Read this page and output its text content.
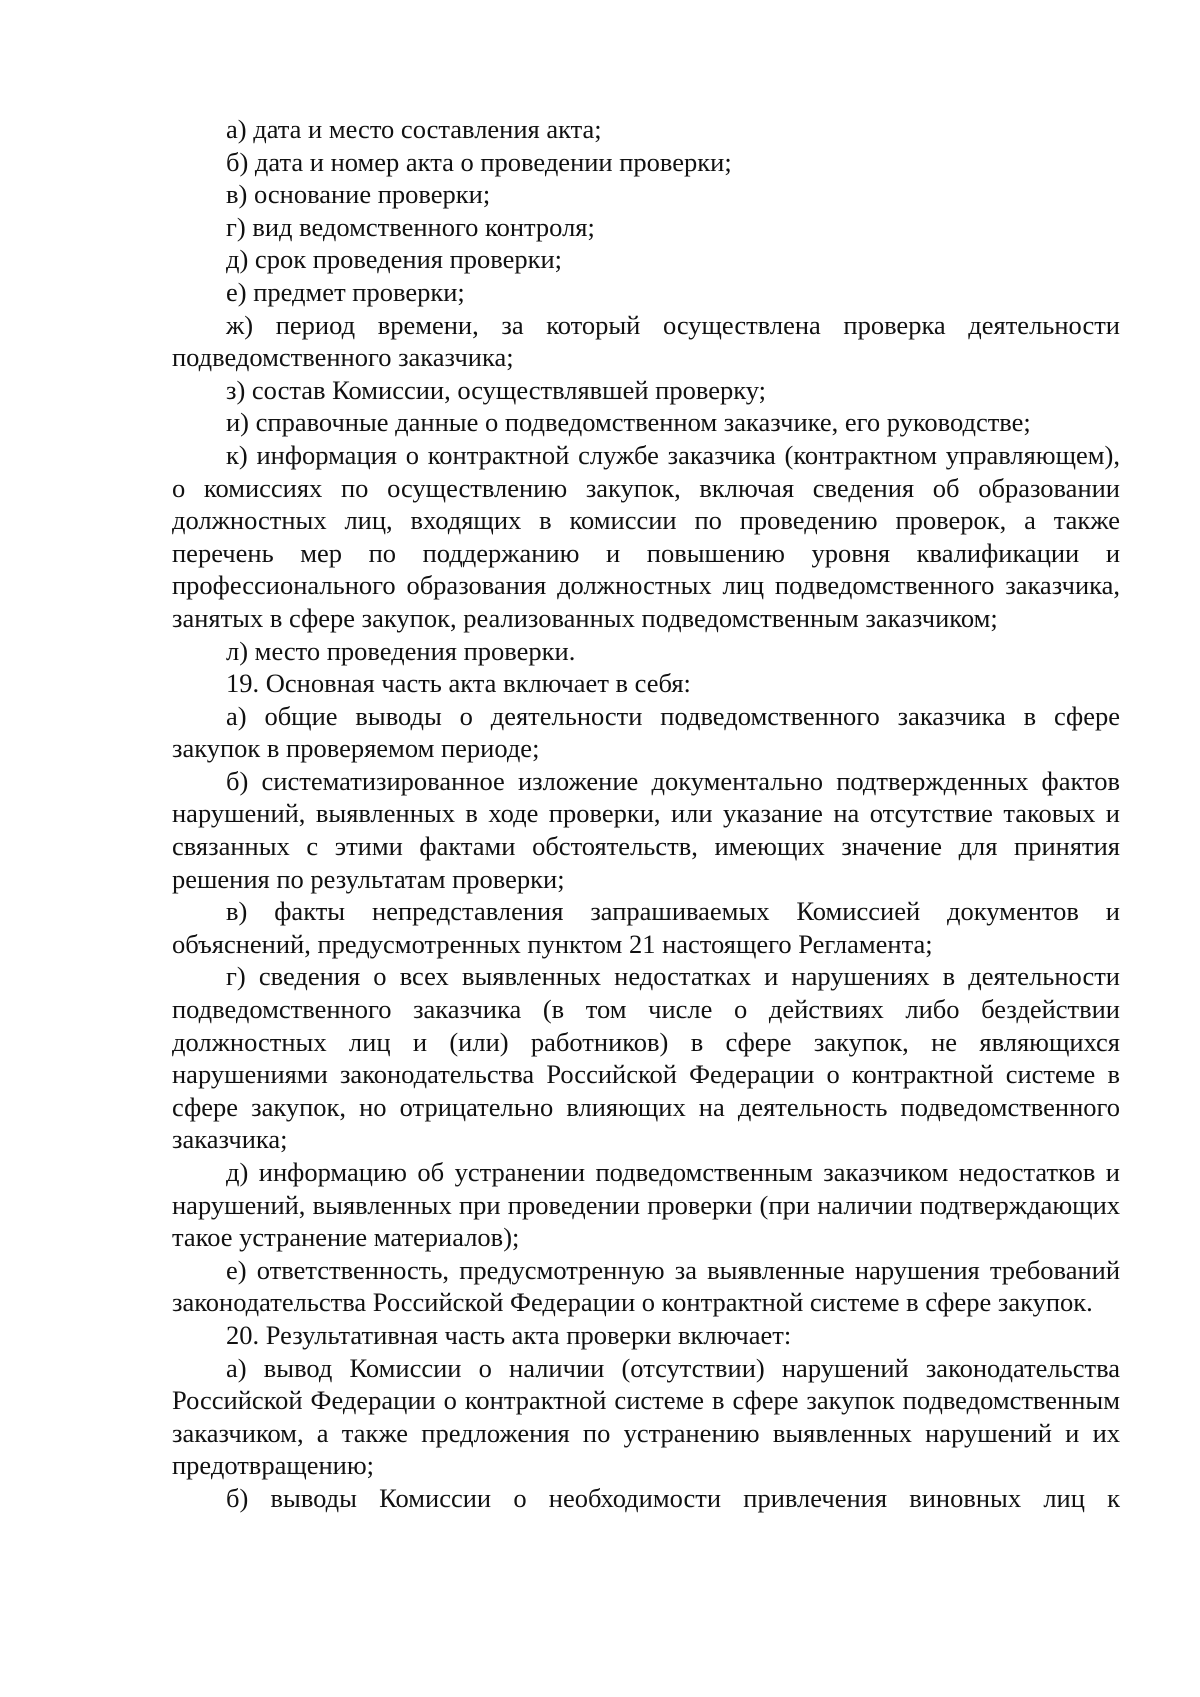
а) дата и место составления акта;

б) дата и номер акта о проведении проверки;

в) основание проверки;

г) вид ведомственного контроля;

д) срок проведения проверки;

е) предмет проверки;

ж) период времени, за который осуществлена проверка деятельности подведомственного заказчика;

з) состав Комиссии, осуществлявшей проверку;

и) справочные данные о подведомственном заказчике, его руководстве;

к) информация о контрактной службе заказчика (контрактном управляющем), о комиссиях по осуществлению закупок, включая сведения об образовании должностных лиц, входящих в комиссии по проведению проверок, а также перечень мер по поддержанию и повышению уровня квалификации и профессионального образования должностных лиц подведомственного заказчика, занятых в сфере закупок, реализованных подведомственным заказчиком;

л) место проведения проверки.

19. Основная часть акта включает в себя:

а) общие выводы о деятельности подведомственного заказчика в сфере закупок в проверяемом периоде;

б) систематизированное изложение документально подтвержденных фактов нарушений, выявленных в ходе проверки, или указание на отсутствие таковых и связанных с этими фактами обстоятельств, имеющих значение для принятия решения по результатам проверки;

в) факты непредставления запрашиваемых Комиссией документов и объяснений, предусмотренных пунктом 21 настоящего Регламента;

г) сведения о всех выявленных недостатках и нарушениях в деятельности подведомственного заказчика (в том числе о действиях либо бездействии должностных лиц и (или) работников) в сфере закупок, не являющихся нарушениями законодательства Российской Федерации о контрактной системе в сфере закупок, но отрицательно влияющих на деятельность подведомственного заказчика;

д) информацию об устранении подведомственным заказчиком недостатков и нарушений, выявленных при проведении проверки (при наличии подтверждающих такое устранение материалов);

е) ответственность, предусмотренную за выявленные нарушения требований законодательства Российской Федерации о контрактной системе в сфере закупок.

20. Результативная часть акта проверки включает:

а) вывод Комиссии о наличии (отсутствии) нарушений законодательства Российской Федерации о контрактной системе в сфере закупок подведомственным заказчиком, а также предложения по устранению выявленных нарушений и их предотвращению;

б) выводы Комиссии о необходимости привлечения виновных лиц к
